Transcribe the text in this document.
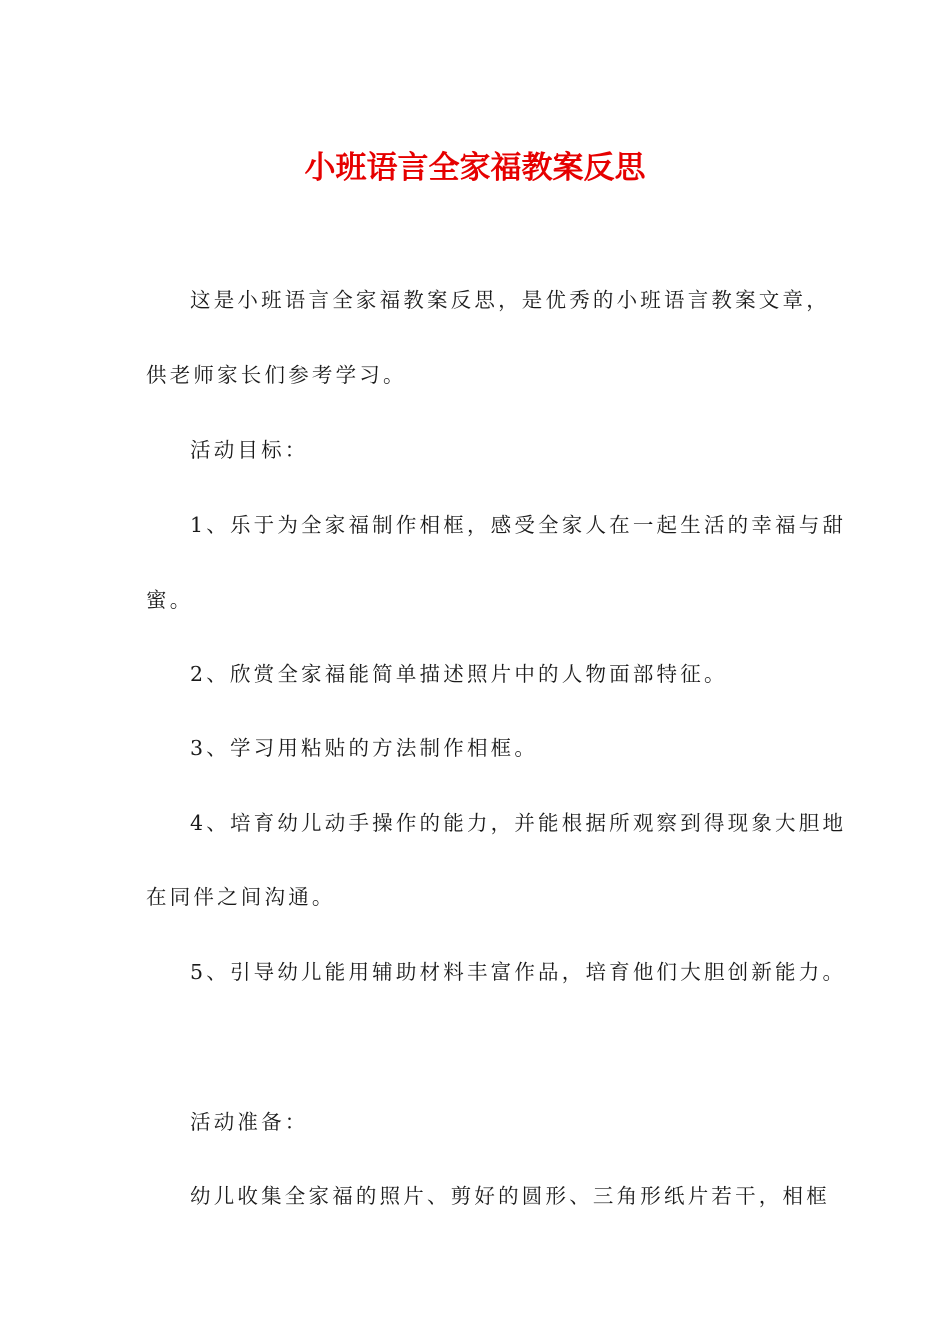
小班语言全家福教案反思
这是小班语言全家福教案反思，是优秀的小班语言教案文章，
供老师家长们参考学习。
活动目标：
1、乐于为全家福制作相框，感受全家人在一起生活的幸福与甜
蜜。
2、欣赏全家福能简单描述照片中的人物面部特征。
3、学习用粘贴的方法制作相框。
4、培育幼儿动手操作的能力，并能根据所观察到得现象大胆地
在同伴之间沟通。
5、引导幼儿能用辅助材料丰富作品，培育他们大胆创新能力。
活动准备：
幼儿收集全家福的照片、剪好的圆形、三角形纸片若干，相框
